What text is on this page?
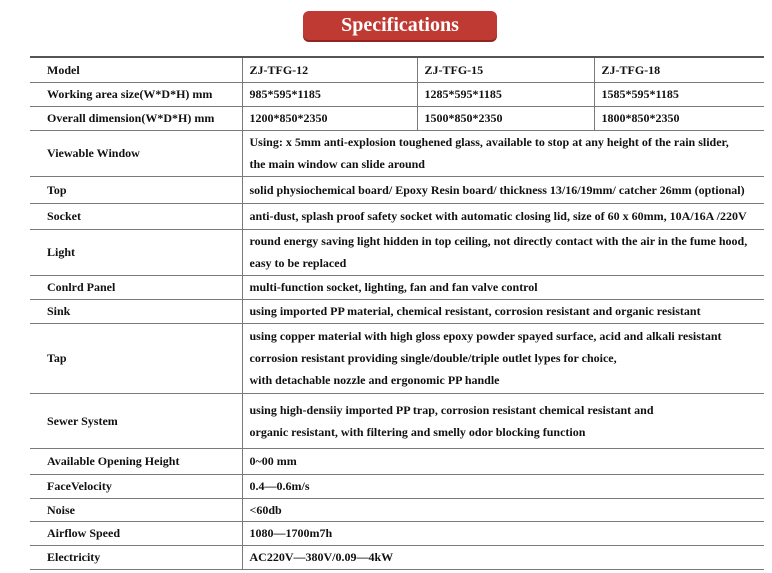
Specifications
Model	ZJ-TFG-12	ZJ-TFG-15	ZJ-TFG-18
Working area size(W*D*H) mm	985*595*1185	1285*595*1185	1585*595*1185
Overall dimension(W*D*H) mm	1200*850*2350	1500*850*2350	1800*850*2350
Viewable Window	Using: x 5mm anti-explosion toughened glass, available to stop at any height of the rain slider,
the main window can slide around		

Top	solid physiochemical board/ Epoxy Resin board/ thickness 13/16/19mm/ catcher 26mm (optional)		
Socket	anti-dust, splash proof safety socket with automatic closing lid, size of 60 x 60mm, 10A/16A /220V		
Light	round energy saving light hidden in top ceiling, not directly contact with the air in the fume hood,
easy to be replaced		

Conlrd Panel	multi-function socket, lighting, fan and fan valve control		
Sink	using imported PP material, chemical resistant, corrosion resistant and organic resistant		
Tap	using copper material with high gloss epoxy powder spayed surface, acid and alkali resistant
corrosion resistant providing single/double/triple outlet lypes for choice,
with detachable nozzle and ergonomic PP handle		

Sewer System	using high-densiiy imported PP trap, corrosion resistant chemical resistant and
organic resistant, with filtering and smelly odor blocking function		

Available Opening Height	0~00 mm		
FaceVelocity	0.4—0.6m/s		
Noise	<60db		
Airflow Speed	1080—1700m7h		
Electricity	AC220V—380V/0.09—4kW		
